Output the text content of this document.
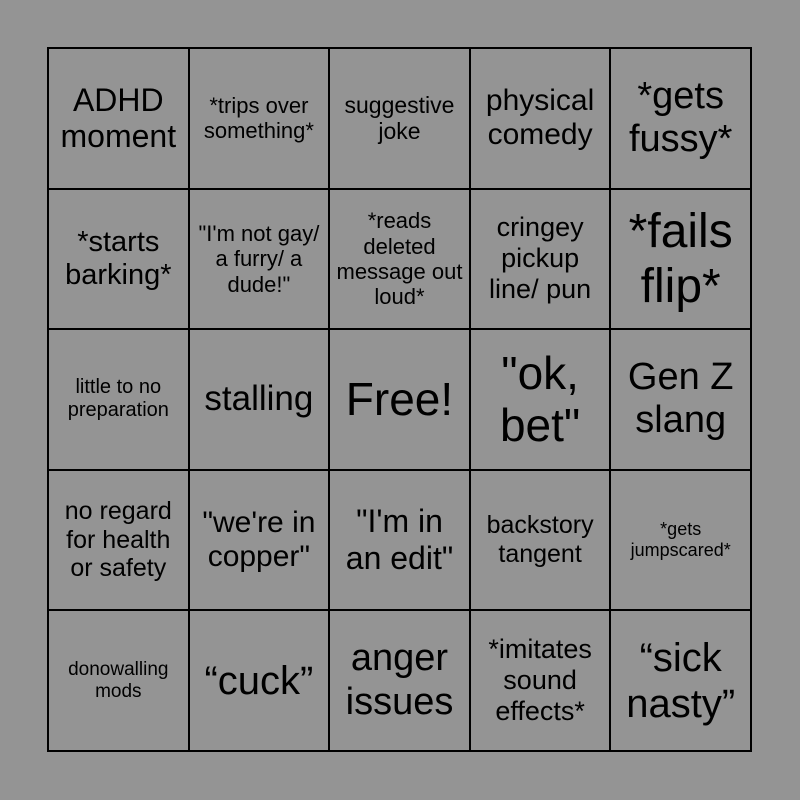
ADHD moment
*trips over something*
suggestive joke
physical comedy
*gets fussy*
*starts barking*
"I'm not gay/ a furry/ a dude!"
*reads deleted message out loud*
cringey pickup line/ pun
*fails flip*
little to no preparation	stalling Free!
"ok, bet"
Gen Z slang
no regard for health or safety
"we're in copper"
"I'm in an edit"
backstory tangent
*gets jumpscared*
donowalling mods	“cuck”
anger issues
*imitates sound effects*
“sick nasty”
